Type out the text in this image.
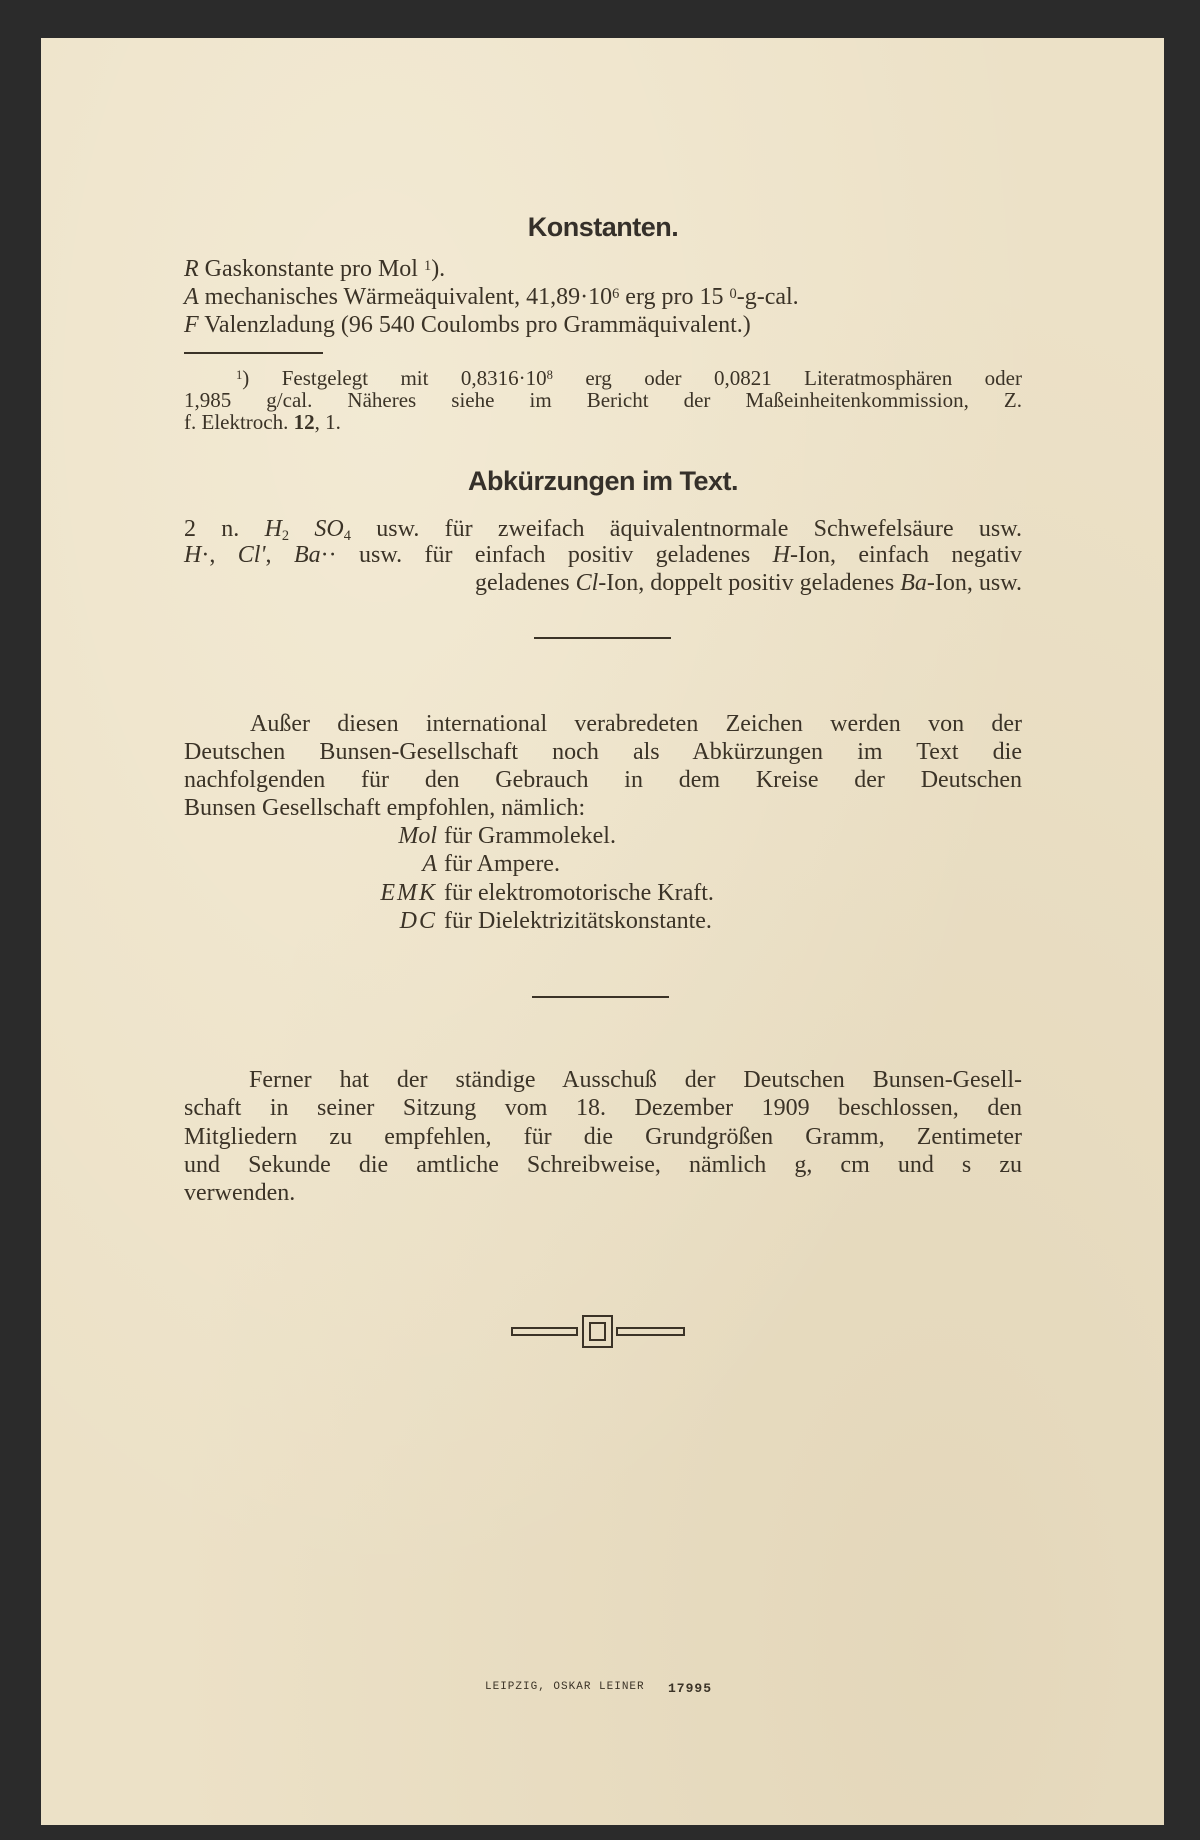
Konstanten.
R Gaskonstante pro Mol $^1$).
A mechanisches Wärmeäquivalent, $41,89\cdot 10^6$ erg pro 15 $^0$-g-cal.
F Valenzladung (96 540 Coulombs pro Grammäquivalent.)
$^1$) Festgelegt mit $0,8316\cdot 10^8$ erg oder 0,0821 Literatmosphären oder
1,985 g/cal. Näheres siehe im Bericht der Maßeinheitenkommission, Z.
f. Elektroch. 12, 1.
Abkürzungen im Text.
2 n. $H_2$ $SO_4$ usw. für zweifach äquivalentnormale Schwefelsäure usw.
H·, Cl', Ba·· usw. für einfach positiv geladenes H-Ion, einfach negativ
geladenes Cl-Ion, doppelt positiv geladenes Ba-Ion, usw.
Außer diesen international verabredeten Zeichen werden von der
Deutschen Bunsen-Gesellschaft noch als Abkürzungen im Text die
nachfolgenden für den Gebrauch in dem Kreise der Deutschen
Bunsen Gesellschaft empfohlen, nämlich:
Mol für Grammolekel.
A für Ampere.
EMK für elektromotorische Kraft.
DC für Dielektrizitätskonstante.
Ferner hat der ständige Ausschuß der Deutschen Bunsen-Gesell-
schaft in seiner Sitzung vom 18. Dezember 1909 beschlossen, den
Mitgliedern zu empfehlen, für die Grundgrößen Gramm, Zentimeter
und Sekunde die amtliche Schreibweise, nämlich g, cm und s zu
verwenden.
LEIPZIG, OSKAR LEINER 17995
